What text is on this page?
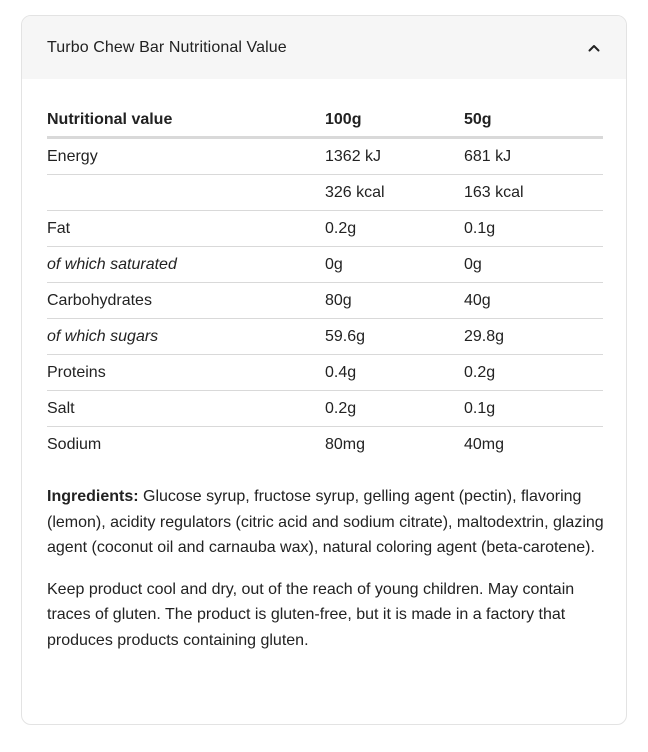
Turbo Chew Bar Nutritional Value
Nutritional value	100g	50g
Energy	1362 kJ	681 kJ
	326 kcal	163 kcal
Fat	0.2g	0.1g
of which saturated	0g	0g
Carbohydrates	80g	40g
of which sugars	59.6g	29.8g
Proteins	0.4g	0.2g
Salt	0.2g	0.1g
Sodium	80mg	40mg

Ingredients: Glucose syrup, fructose syrup, gelling agent (pectin), flavoring (lemon), acidity regulators (citric acid and sodium citrate), maltodextrin, glazing agent (coconut oil and carnauba wax), natural coloring agent (beta-carotene).

Keep product cool and dry, out of the reach of young children. May contain traces of gluten. The product is gluten-free, but it is made in a factory that produces products containing gluten.
